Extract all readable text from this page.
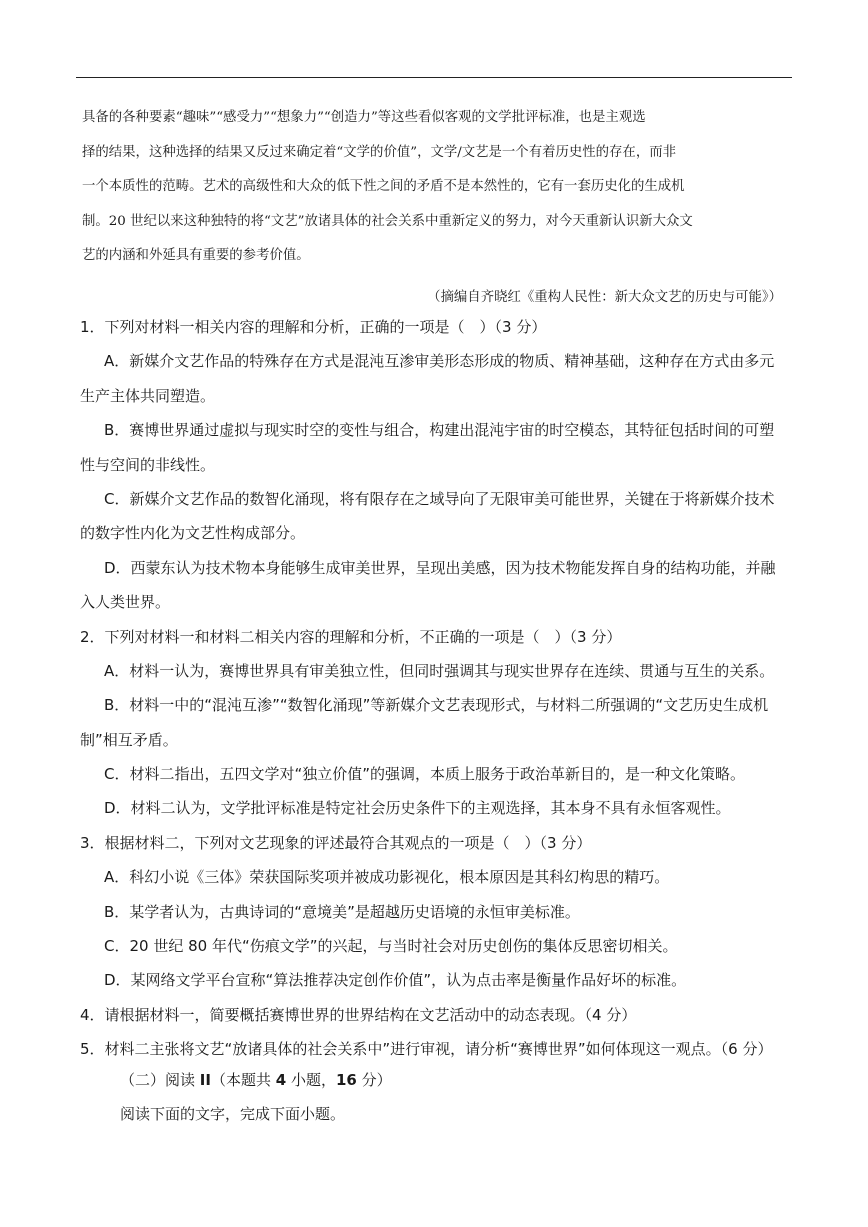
具备的各种要素“趣味”“感受力”“想象力”“创造力”等这些看似客观的文学批评标准，也是主观选
择的结果，这种选择的结果又反过来确定着“文学的价值”，文学/文艺是一个有着历史性的存在，而非
一个本质性的范畴。艺术的高级性和大众的低下性之间的矛盾不是本然性的，它有一套历史化的生成机
制。20 世纪以来这种独特的将“文艺”放诸具体的社会关系中重新定义的努力，对今天重新认识新大众文
艺的内涵和外延具有重要的参考价值。
（摘编自齐晓红《重构人民性：新大众文艺的历史与可能》）
1．下列对材料一相关内容的理解和分析，正确的一项是（　）（3 分）
A．新媒介文艺作品的特殊存在方式是混沌互渗审美形态形成的物质、精神基础，这种存在方式由多元
生产主体共同塑造。
B．赛博世界通过虚拟与现实时空的变性与组合，构建出混沌宇宙的时空模态，其特征包括时间的可塑
性与空间的非线性。
C．新媒介文艺作品的数智化涌现，将有限存在之域导向了无限审美可能世界，关键在于将新媒介技术
的数字性内化为文艺性构成部分。
D．西蒙东认为技术物本身能够生成审美世界，呈现出美感，因为技术物能发挥自身的结构功能，并融
入人类世界。
2．下列对材料一和材料二相关内容的理解和分析，不正确的一项是（　）（3 分）
A．材料一认为，赛博世界具有审美独立性，但同时强调其与现实世界存在连续、贯通与互生的关系。
B．材料一中的“混沌互渗”“数智化涌现”等新媒介文艺表现形式，与材料二所强调的“文艺历史生成机
制”相互矛盾。
C．材料二指出，五四文学对“独立价值”的强调，本质上服务于政治革新目的，是一种文化策略。
D．材料二认为，文学批评标准是特定社会历史条件下的主观选择，其本身不具有永恒客观性。
3．根据材料二，下列对文艺现象的评述最符合其观点的一项是（　）（3 分）
A．科幻小说《三体》荣获国际奖项并被成功影视化，根本原因是其科幻构思的精巧。
B．某学者认为，古典诗词的“意境美”是超越历史语境的永恒审美标准。
C．20 世纪 80 年代“伤痕文学”的兴起，与当时社会对历史创伤的集体反思密切相关。
D．某网络文学平台宣称“算法推荐决定创作价值”，认为点击率是衡量作品好坏的标准。
4．请根据材料一，简要概括赛博世界的世界结构在文艺活动中的动态表现。（4 分）
5．材料二主张将文艺“放诸具体的社会关系中”进行审视，请分析“赛博世界”如何体现这一观点。（6 分）
（二）阅读 II（本题共 4 小题，16 分）
阅读下面的文字，完成下面小题。
